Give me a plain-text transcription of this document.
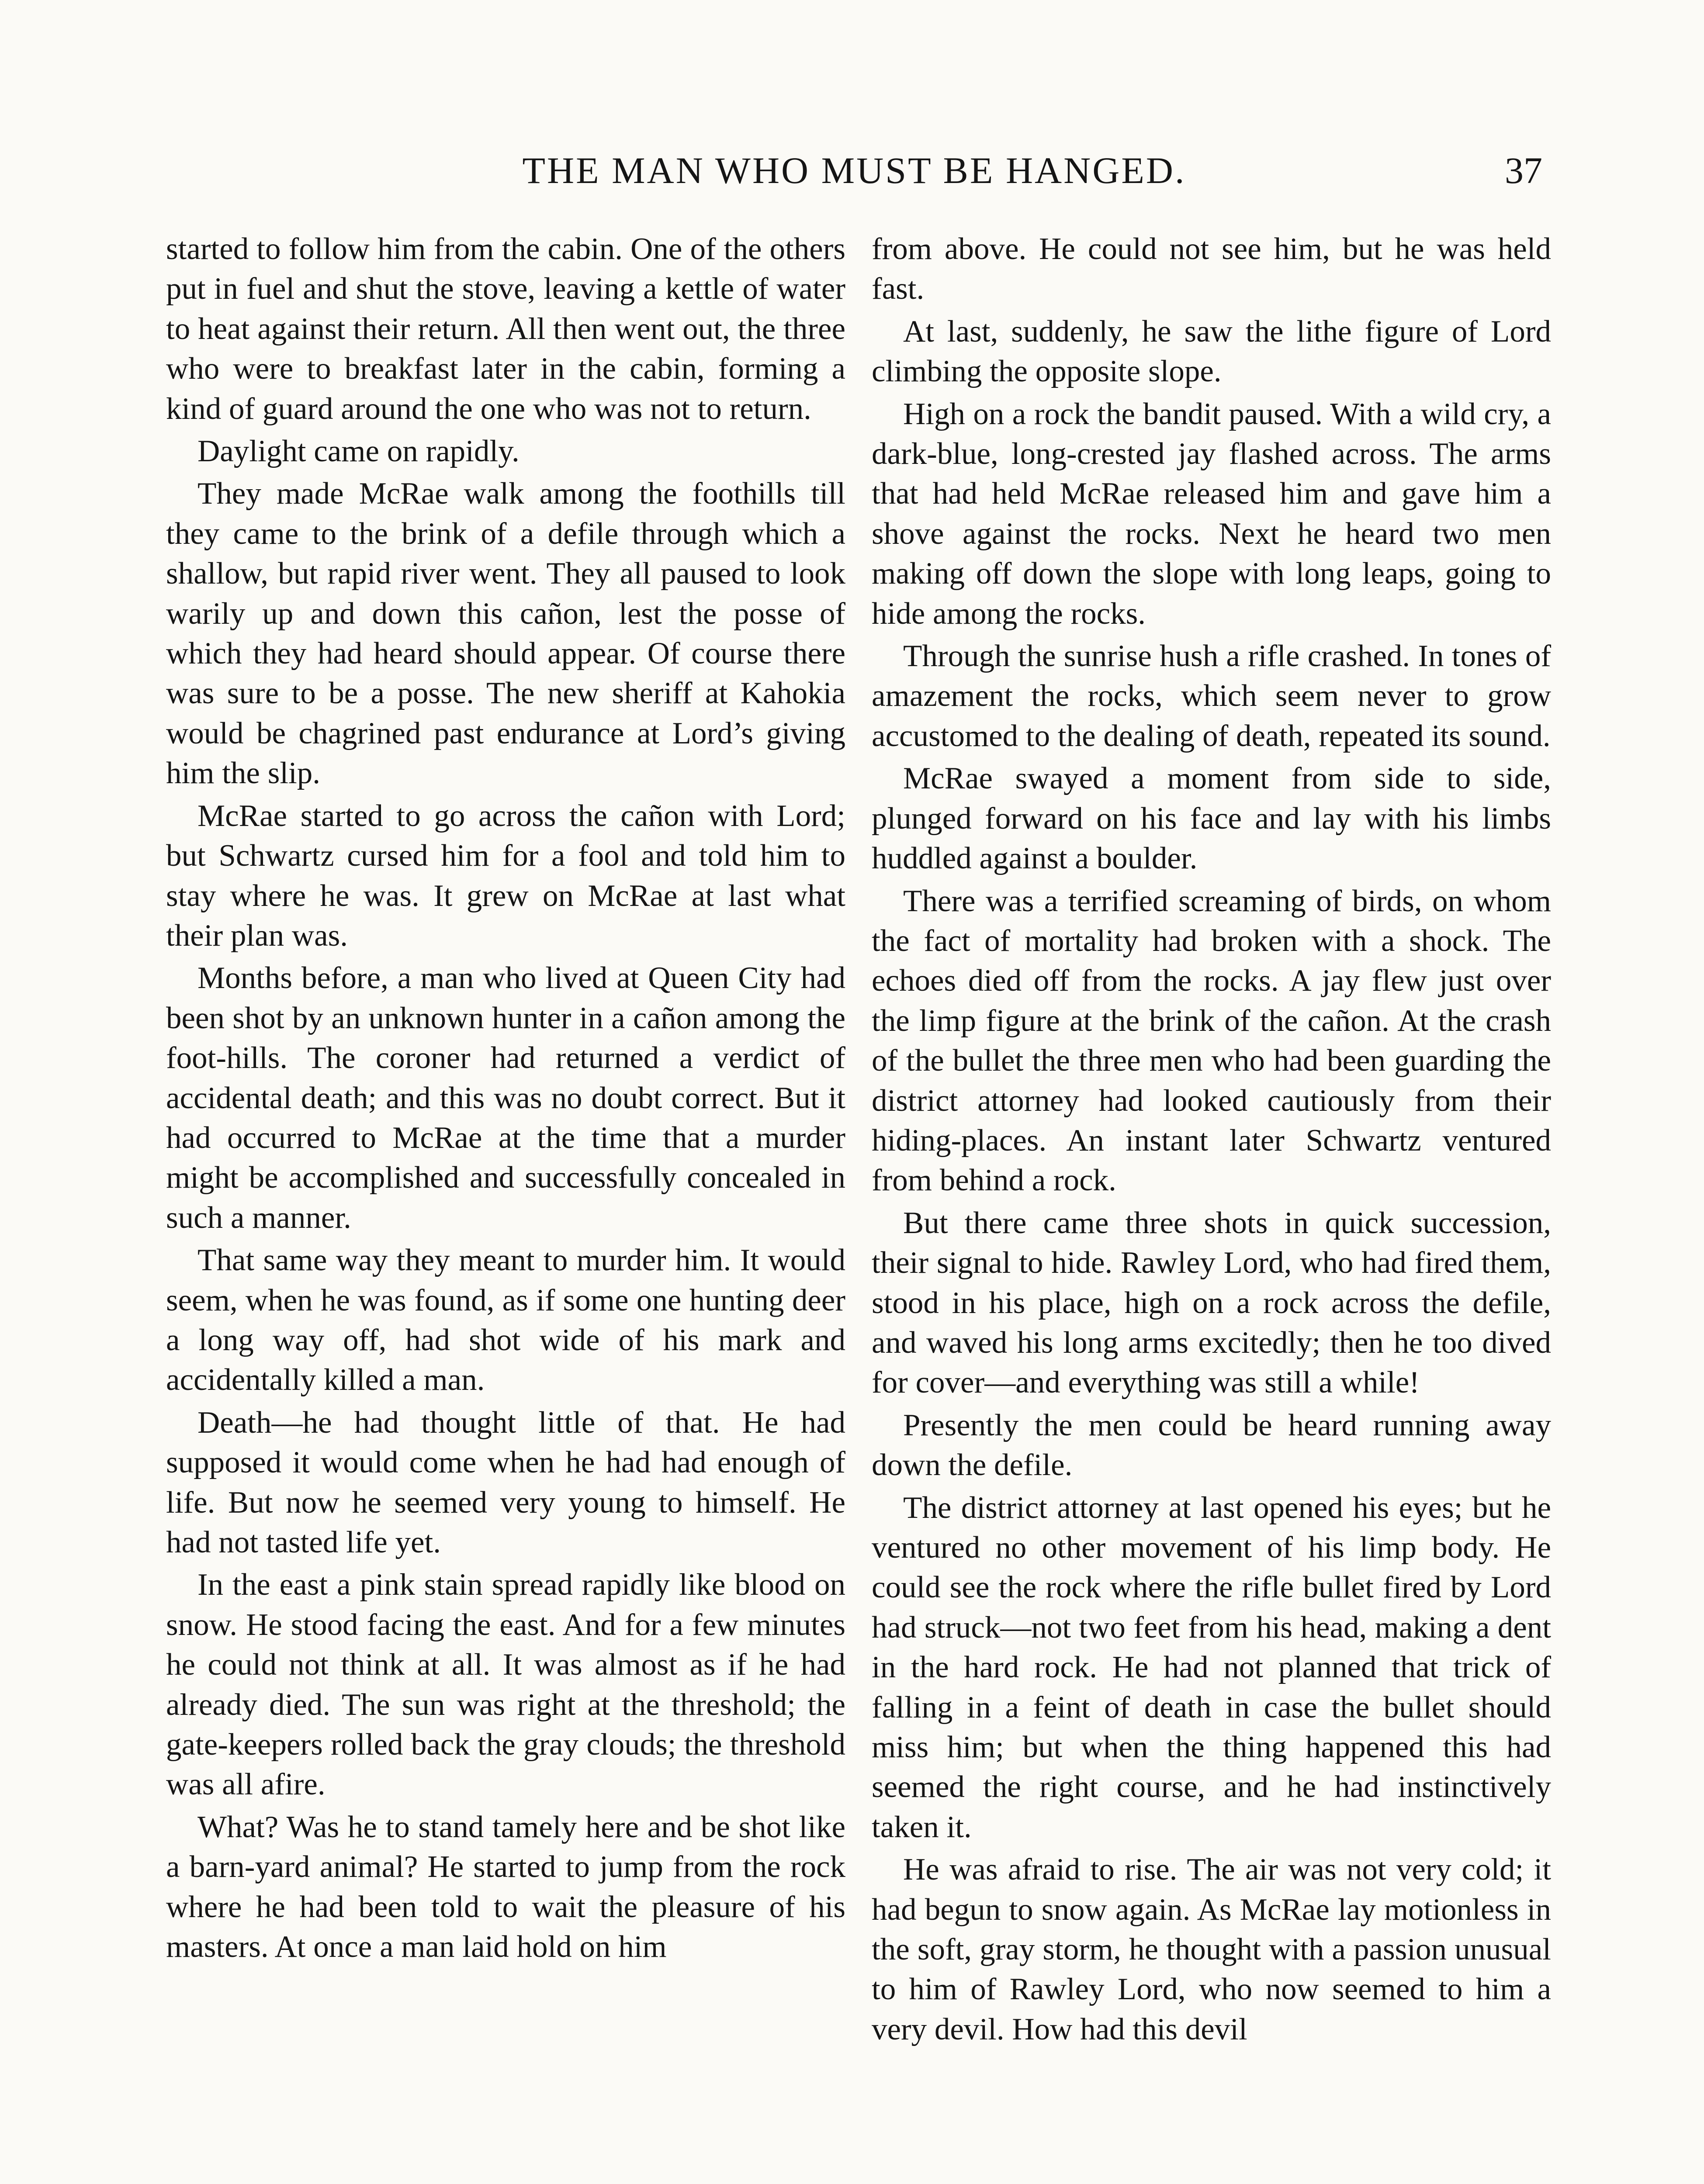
THE MAN WHO MUST BE HANGED.	37

started to follow him from the cabin. One of the others put in fuel and shut the stove, leaving a kettle of water to heat against their return. All then went out, the three who were to breakfast later in the cabin, forming a kind of guard around the one who was not to return.

Daylight came on rapidly.

They made McRae walk among the foothills till they came to the brink of a defile through which a shallow, but rapid river went. They all paused to look warily up and down this cañon, lest the posse of which they had heard should appear. Of course there was sure to be a posse. The new sheriff at Kahokia would be chagrined past endurance at Lord’s giving him the slip.

McRae started to go across the cañon with Lord; but Schwartz cursed him for a fool and told him to stay where he was. It grew on McRae at last what their plan was.

Months before, a man who lived at Queen City had been shot by an unknown hunter in a cañon among the foot-hills. The coroner had returned a verdict of accidental death; and this was no doubt correct. But it had occurred to McRae at the time that a murder might be accomplished and successfully concealed in such a manner.

That same way they meant to murder him. It would seem, when he was found, as if some one hunting deer a long way off, had shot wide of his mark and accidentally killed a man.

Death—he had thought little of that. He had supposed it would come when he had had enough of life. But now he seemed very young to himself. He had not tasted life yet.

In the east a pink stain spread rapidly like blood on snow. He stood facing the east. And for a few minutes he could not think at all. It was almost as if he had already died. The sun was right at the threshold; the gate-keepers rolled back the gray clouds; the threshold was all afire.

What? Was he to stand tamely here and be shot like a barn-yard animal? He started to jump from the rock where he had been told to wait the pleasure of his masters. At once a man laid hold on him

from above. He could not see him, but he was held fast.

At last, suddenly, he saw the lithe figure of Lord climbing the opposite slope.

High on a rock the bandit paused. With a wild cry, a dark-blue, long-crested jay flashed across. The arms that had held McRae released him and gave him a shove against the rocks. Next he heard two men making off down the slope with long leaps, going to hide among the rocks.

Through the sunrise hush a rifle crashed. In tones of amazement the rocks, which seem never to grow accustomed to the dealing of death, repeated its sound.

McRae swayed a moment from side to side, plunged forward on his face and lay with his limbs huddled against a boulder.

There was a terrified screaming of birds, on whom the fact of mortality had broken with a shock. The echoes died off from the rocks. A jay flew just over the limp figure at the brink of the cañon. At the crash of the bullet the three men who had been guarding the district attorney had looked cautiously from their hiding-places. An instant later Schwartz ventured from behind a rock.

But there came three shots in quick succession, their signal to hide. Rawley Lord, who had fired them, stood in his place, high on a rock across the defile, and waved his long arms excitedly; then he too dived for cover—and everything was still a while!

Presently the men could be heard running away down the defile.

The district attorney at last opened his eyes; but he ventured no other movement of his limp body. He could see the rock where the rifle bullet fired by Lord had struck—not two feet from his head, making a dent in the hard rock. He had not planned that trick of falling in a feint of death in case the bullet should miss him; but when the thing happened this had seemed the right course, and he had instinctively taken it.

He was afraid to rise. The air was not very cold; it had begun to snow again. As McRae lay motionless in the soft, gray storm, he thought with a passion unusual to him of Rawley Lord, who now seemed to him a very devil. How had this devil
